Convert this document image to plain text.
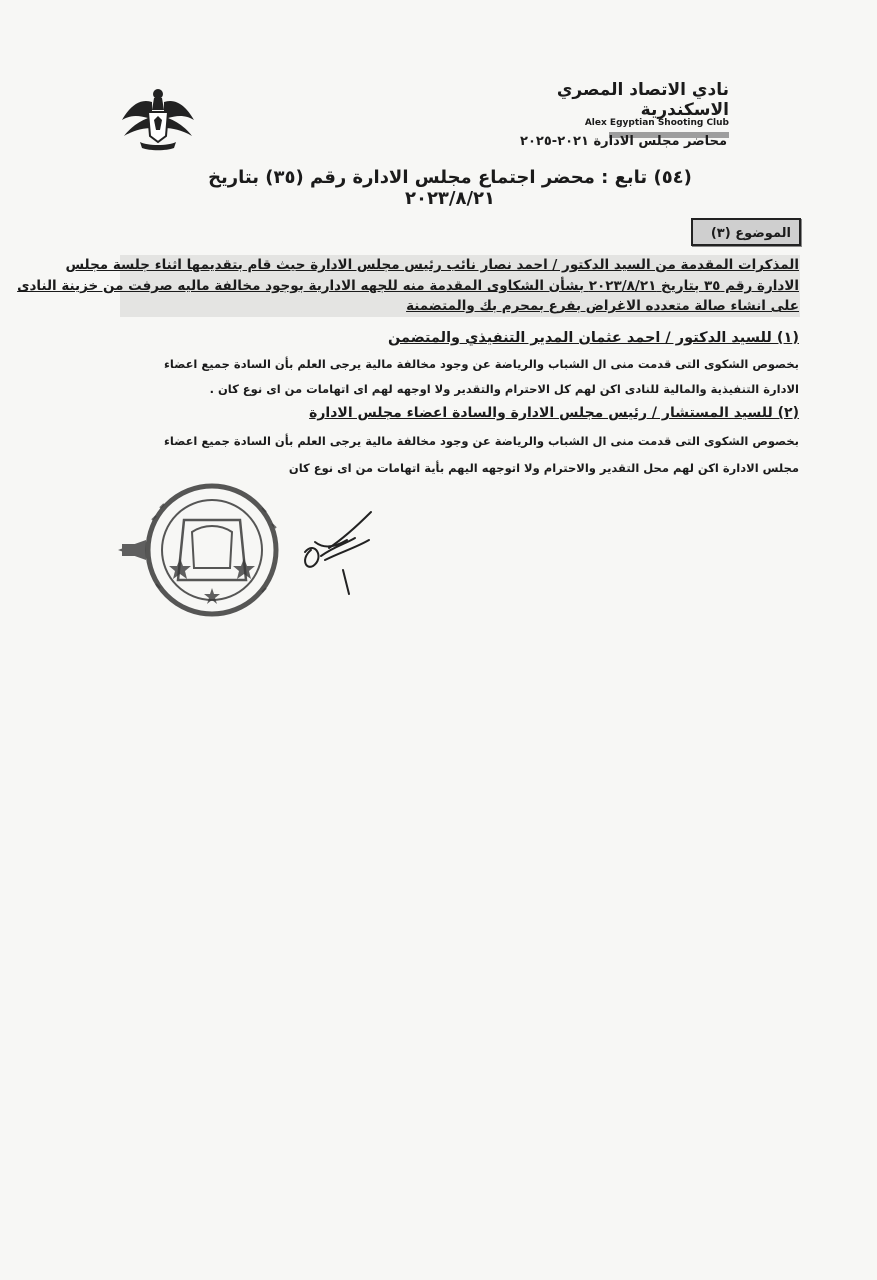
نادي الاتصاد المصري الاسكندرية
Alex Egyptian Shooting Club
محاضر مجلس الادارة ٢٠٢١-٢٠٢٥
(٥٤) تابع : محضر اجتماع مجلس الادارة رقم (٣٥) بتاريخ ٢٠٢٣/٨/٢١
الموضوع (٣)
المذكرات المقدمة من السيد الدكتور / احمد نصار نائب رئيس مجلس الادارة حيث قام بتقديمها اثناء جلسة مجلس
الادارة رقم ٣٥ بتاريخ ٢٠٢٣/٨/٢١ بشأن الشكاوى المقدمة منه للجهه الادارية بوجود مخالفة ماليه صرفت من خزينة النادى
على انشاء صالة متعدده الاغراض بفرع بمحرم بك والمتضمنة
(١) للسيد الدكتور / احمد عثمان المدير التنفيذي والمتضمن
بخصوص الشكوى التى قدمت منى ال الشباب والرياضة عن وجود مخالفة مالية يرجى العلم بأن السادة جميع اعضاء
الادارة التنفيذية والمالية للنادى اكن لهم كل الاحترام والتقدير ولا اوجهه لهم اى اتهامات من اى نوع كان .
(٢) للسيد المستشار / رئيس مجلس الادارة والسادة اعضاء مجلس الادارة
بخصوص الشكوى التى قدمت منى ال الشباب والرياضة عن وجود مخالفة مالية يرجى العلم بأن السادة جميع اعضاء
مجلس الادارة اكن لهم محل التقدير والاحترام ولا اتوجهه اليهم بأية اتهامات من اى نوع كان
